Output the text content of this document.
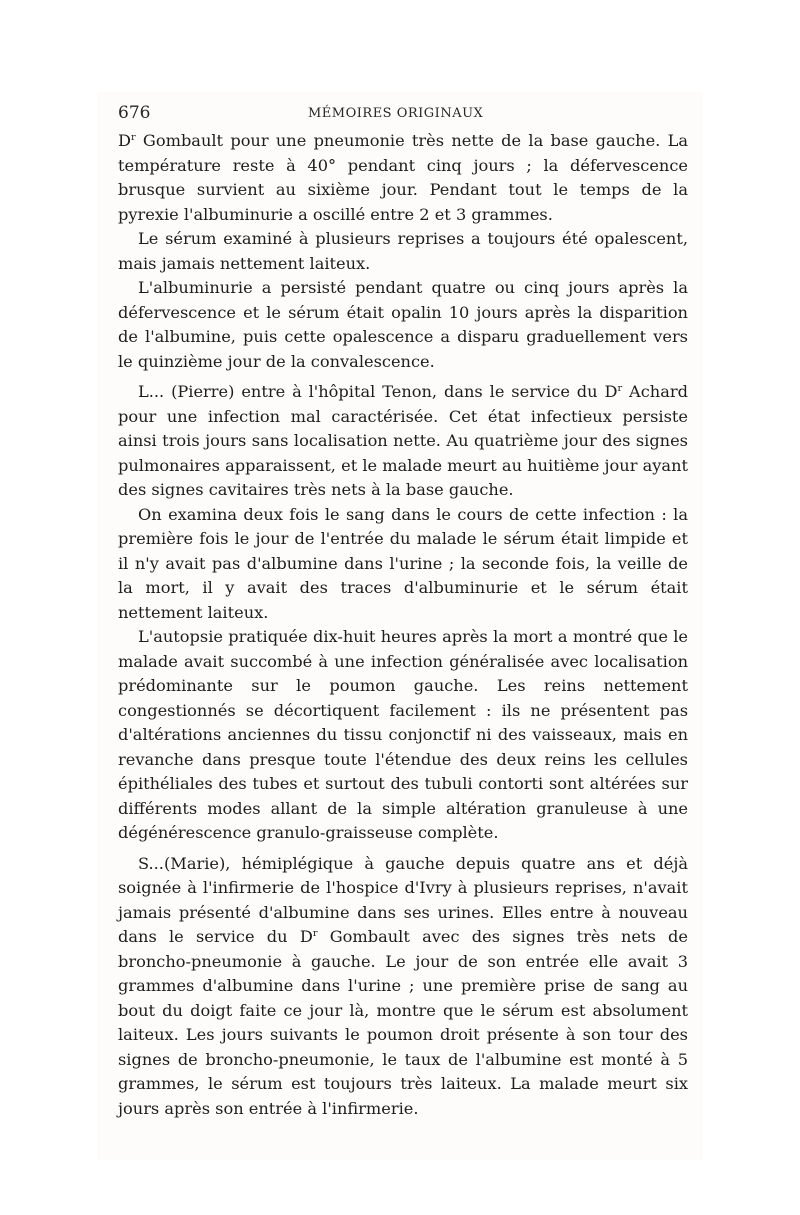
676	MÉMOIRES ORIGINAUX

$D^r$ Gombault pour une pneumonie très nette de la base gauche. La température reste à 40° pendant cinq jours ; la défervescence brusque survient au sixième jour. Pendant tout le temps de la pyrexie l'albuminurie a oscillé entre 2 et 3 grammes.

Le sérum examiné à plusieurs reprises a toujours été opalescent, mais jamais nettement laiteux.

L'albuminurie a persisté pendant quatre ou cinq jours après la défervescence et le sérum était opalin 10 jours après la disparition de l'albumine, puis cette opalescence a disparu graduellement vers le quinzième jour de la convalescence.

L... (Pierre) entre à l'hôpital Tenon, dans le service du $D^r$ Achard pour une infection mal caractérisée. Cet état infectieux persiste ainsi trois jours sans localisation nette. Au quatrième jour des signes pulmonaires apparaissent, et le malade meurt au huitième jour ayant des signes cavitaires très nets à la base gauche.

On examina deux fois le sang dans le cours de cette infection : la première fois le jour de l'entrée du malade le sérum était limpide et il n'y avait pas d'albumine dans l'urine ; la seconde fois, la veille de la mort, il y avait des traces d'albuminurie et le sérum était nettement laiteux.

L'autopsie pratiquée dix-huit heures après la mort a montré que le malade avait succombé à une infection généralisée avec localisation prédominante sur le poumon gauche. Les reins nettement congestionnés se décortiquent facilement : ils ne présentent pas d'altérations anciennes du tissu conjonctif ni des vaisseaux, mais en revanche dans presque toute l'étendue des deux reins les cellules épithéliales des tubes et surtout des tubuli contorti sont altérées sur différents modes allant de la simple altération granuleuse à une dégénérescence granulo-graisseuse complète.

S...(Marie), hémiplégique à gauche depuis quatre ans et déjà soignée à l'infirmerie de l'hospice d'Ivry à plusieurs reprises, n'avait jamais présenté d'albumine dans ses urines. Elles entre à nouveau dans le service du $D^r$ Gombault avec des signes très nets de broncho-pneumonie à gauche. Le jour de son entrée elle avait 3 grammes d'albumine dans l'urine ; une première prise de sang au bout du doigt faite ce jour là, montre que le sérum est absolument laiteux. Les jours suivants le poumon droit présente à son tour des signes de broncho-pneumonie, le taux de l'albumine est monté à 5 grammes, le sérum est toujours très laiteux. La malade meurt six jours après son entrée à l'infirmerie.
